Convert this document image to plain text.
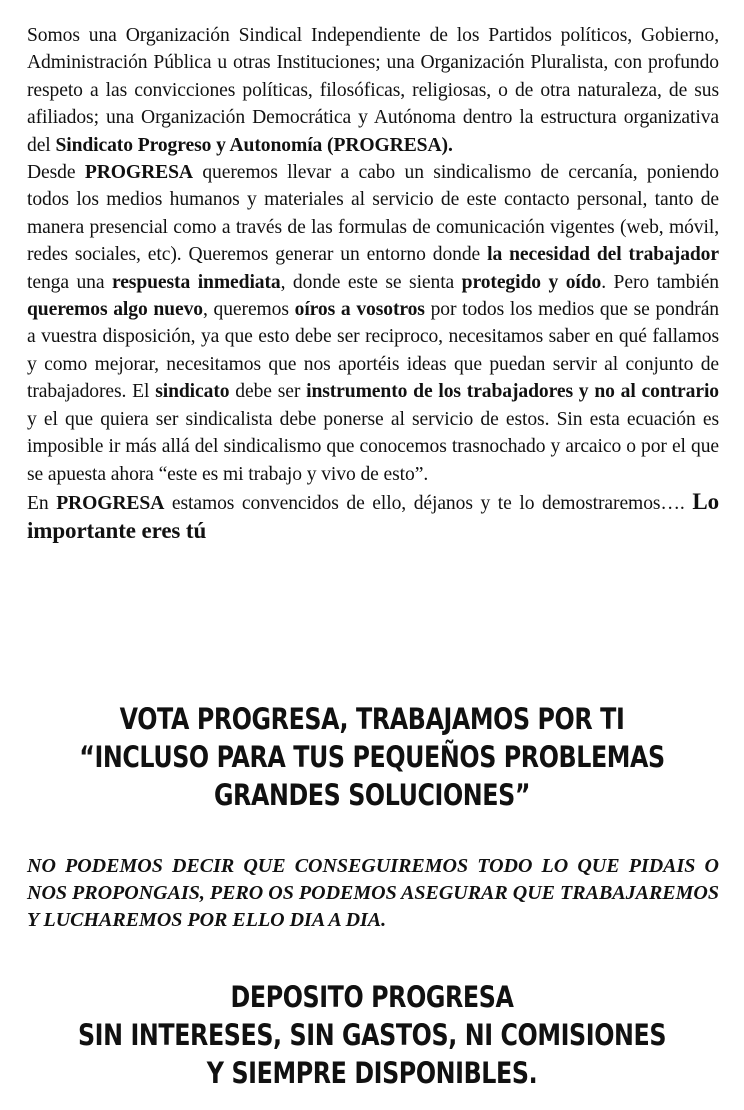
Somos una Organización Sindical Independiente de los Partidos políticos, Gobierno, Administración Pública u otras Instituciones; una Organización Pluralista, con profundo respeto a las convicciones políticas, filosóficas, religiosas, o de otra naturaleza, de sus afiliados; una Organización Democrática y Autónoma dentro la estructura organizativa del Sindicato Progreso y Autonomía (PROGRESA).

Desde PROGRESA queremos llevar a cabo un sindicalismo de cercanía, poniendo todos los medios humanos y materiales al servicio de este contacto personal, tanto de manera presencial como a través de las formulas de comunicación vigentes (web, móvil, redes sociales, etc). Queremos generar un entorno donde la necesidad del trabajador tenga una respuesta inmediata, donde este se sienta protegido y oído. Pero también queremos algo nuevo, queremos oíros a vosotros por todos los medios que se pondrán a vuestra disposición, ya que esto debe ser reciproco, necesitamos saber en qué fallamos y como mejorar, necesitamos que nos aportéis ideas que puedan servir al conjunto de trabajadores. El sindicato debe ser instrumento de los trabajadores y no al contrario y el que quiera ser sindicalista debe ponerse al servicio de estos. Sin esta ecuación es imposible ir más allá del sindicalismo que conocemos trasnochado y arcaico o por el que se apuesta ahora “este es mi trabajo y vivo de esto”.

En PROGRESA estamos convencidos de ello, déjanos y te lo demostraremos…. Lo importante eres tú

VOTA PROGRESA, TRABAJAMOS POR TI
“INCLUSO PARA TUS PEQUEÑOS PROBLEMAS
GRANDES SOLUCIONES”

NO PODEMOS DECIR QUE CONSEGUIREMOS TODO LO QUE PIDAIS O NOS PROPONGAIS, PERO OS PODEMOS ASEGURAR QUE TRABAJAREMOS Y LUCHAREMOS POR ELLO DIA A DIA.

DEPOSITO PROGRESA
SIN INTERESES, SIN GASTOS, NI COMISIONES
Y SIEMPRE DISPONIBLES.
